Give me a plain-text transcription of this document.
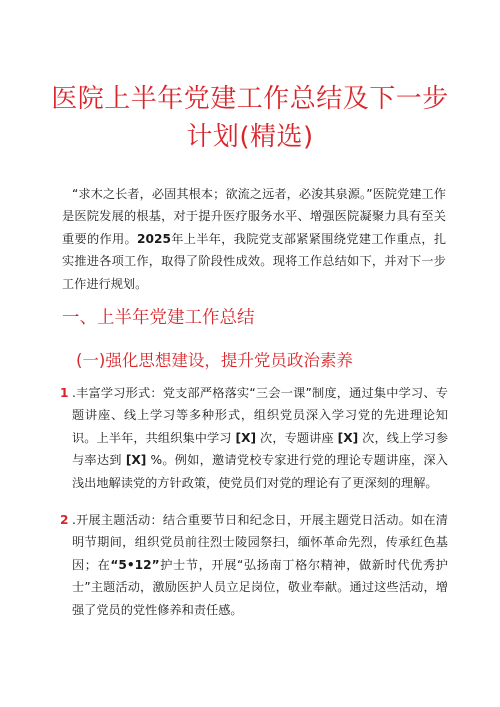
医院上半年党建工作总结及下一步计划(精选)

“求木之长者，必固其根本；欲流之远者，必浚其泉源。”医院党建工作是医院发展的根基，对于提升医疗服务水平、增强医院凝聚力具有至关重要的作用。2025年上半年，我院党支部紧紧围绕党建工作重点，扎实推进各项工作，取得了阶段性成效。现将工作总结如下，并对下一步工作进行规划。

一、上半年党建工作总结
(一)强化思想建设，提升党员政治素养
1 .丰富学习形式：党支部严格落实“三会一课”制度，通过集中学习、专题讲座、线上学习等多种形式，组织党员深入学习党的先进理论知识。上半年，共组织集中学习 [X] 次，专题讲座 [X] 次，线上学习参与率达到 [X] %。例如，邀请党校专家进行党的理论专题讲座，深入浅出地解读党的方针政策，使党员们对党的理论有了更深刻的理解。

2 .开展主题活动：结合重要节日和纪念日，开展主题党日活动。如在清明节期间，组织党员前往烈士陵园祭扫，缅怀革命先烈，传承红色基因；在“5•12”护士节，开展“弘扬南丁格尔精神，做新时代优秀护士”主题活动，激励医护人员立足岗位，敬业奉献。通过这些活动，增强了党员的党性修养和责任感。
